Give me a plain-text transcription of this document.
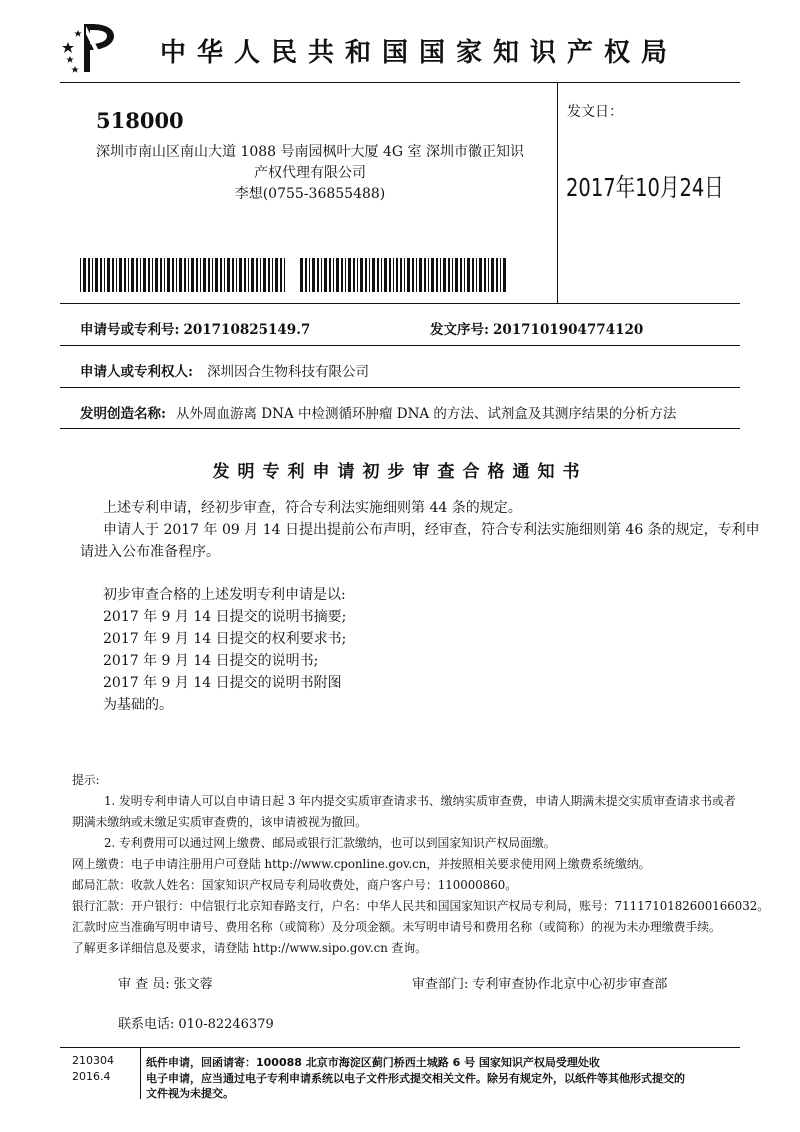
中华人民共和国国家知识产权局
518000
深圳市南山区南山大道 1088 号南园枫叶大厦 4G 室 深圳市徽正知识
产权代理有限公司
李想(0755-36855488)
发文日：
2017年10月24日
申请号或专利号: 201710825149.7	发文序号: 2017101904774120
申请人或专利权人: 深圳因合生物科技有限公司
发明创造名称: 从外周血游离 DNA 中检测循环肿瘤 DNA 的方法、试剂盒及其测序结果的分析方法
发明专利申请初步审查合格通知书
上述专利申请，经初步审查，符合专利法实施细则第 44 条的规定。
申请人于 2017 年 09 月 14 日提出提前公布声明，经审查，符合专利法实施细则第 46 条的规定，专利申
请进入公布准备程序。
初步审查合格的上述发明专利申请是以:
2017 年 9 月 14 日提交的说明书摘要;
2017 年 9 月 14 日提交的权利要求书;
2017 年 9 月 14 日提交的说明书;
2017 年 9 月 14 日提交的说明书附图
为基础的。
提示:
1. 发明专利申请人可以自申请日起 3 年内提交实质审查请求书、缴纳实质审查费，申请人期满未提交实质审查请求书或者
期满未缴纳或未缴足实质审查费的，该申请被视为撤回。
2. 专利费用可以通过网上缴费、邮局或银行汇款缴纳，也可以到国家知识产权局面缴。
网上缴费：电子申请注册用户可登陆 http://www.cponline.gov.cn，并按照相关要求使用网上缴费系统缴纳。
邮局汇款：收款人姓名：国家知识产权局专利局收费处，商户客户号：110000860。
银行汇款：开户银行：中信银行北京知春路支行，户名：中华人民共和国国家知识产权局专利局，账号：7111710182600166032。
汇款时应当准确写明申请号、费用名称（或简称）及分项金额。未写明申请号和费用名称（或简称）的视为未办理缴费手续。
了解更多详细信息及要求，请登陆 http://www.sipo.gov.cn 查询。
审 查 员: 张文蓉	审查部门: 专利审查协作北京中心初步审查部
联系电话: 010-82246379
210304
2016.4
纸件申请，回函请寄：100088 北京市海淀区蓟门桥西土城路 6 号 国家知识产权局受理处收
电子申请，应当通过电子专利申请系统以电子文件形式提交相关文件。除另有规定外，以纸件等其他形式提交的
文件视为未提交。
